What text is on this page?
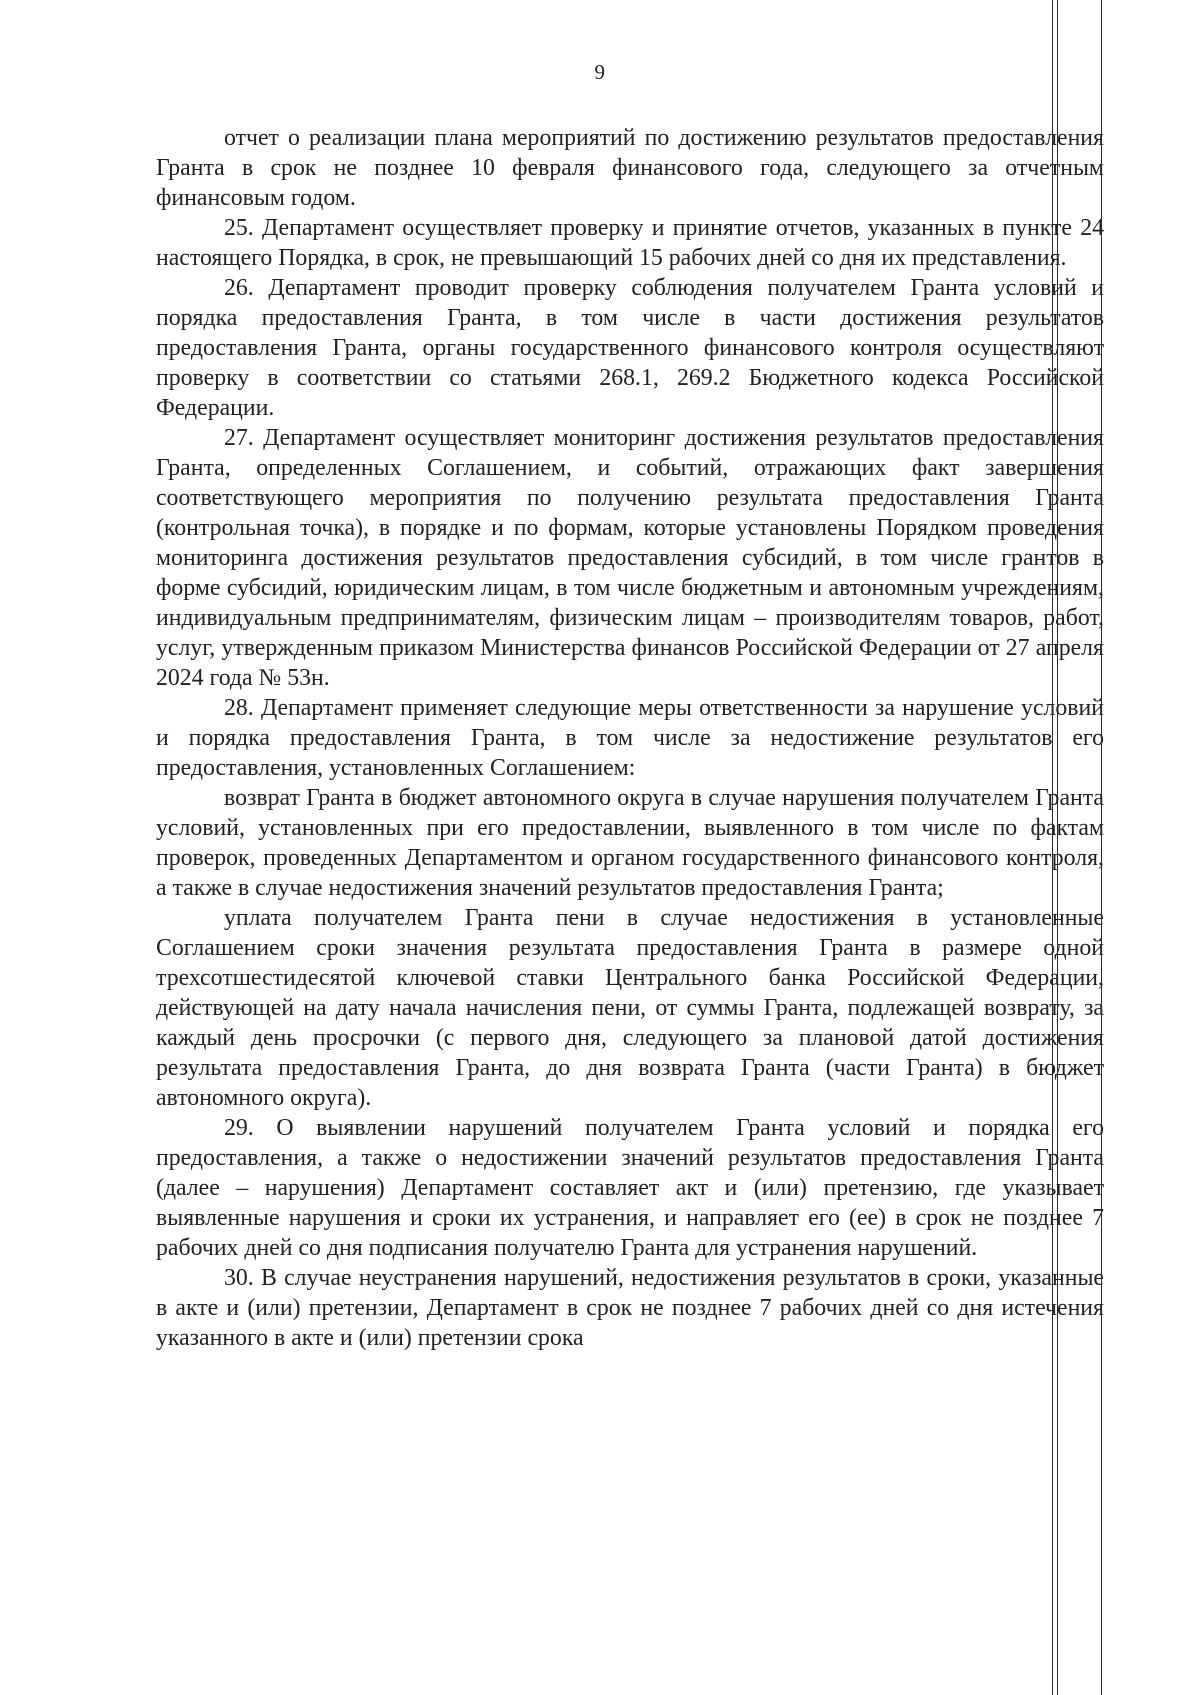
9

отчет о реализации плана мероприятий по достижению результатов предоставления Гранта в срок не позднее 10 февраля финансового года, следующего за отчетным финансовым годом.

25. Департамент осуществляет проверку и принятие отчетов, указанных в пункте 24 настоящего Порядка, в срок, не превышающий 15 рабочих дней со дня их представления.

26. Департамент проводит проверку соблюдения получателем Гранта условий и порядка предоставления Гранта, в том числе в части достижения результатов предоставления Гранта, органы государственного финансового контроля осуществляют проверку в соответствии со статьями 268.1, 269.2 Бюджетного кодекса Российской Федерации.

27. Департамент осуществляет мониторинг достижения результатов предоставления Гранта, определенных Соглашением, и событий, отражающих факт завершения соответствующего мероприятия по получению результата предоставления Гранта (контрольная точка), в порядке и по формам, которые установлены Порядком проведения мониторинга достижения результатов предоставления субсидий, в том числе грантов в форме субсидий, юридическим лицам, в том числе бюджетным и автономным учреждениям, индивидуальным предпринимателям, физическим лицам – производителям товаров, работ, услуг, утвержденным приказом Министерства финансов Российской Федерации от 27 апреля 2024 года № 53н.

28. Департамент применяет следующие меры ответственности за нарушение условий и порядка предоставления Гранта, в том числе за недостижение результатов его предоставления, установленных Соглашением:

возврат Гранта в бюджет автономного округа в случае нарушения получателем Гранта условий, установленных при его предоставлении, выявленного в том числе по фактам проверок, проведенных Департаментом и органом государственного финансового контроля, а также в случае недостижения значений результатов предоставления Гранта;

уплата получателем Гранта пени в случае недостижения в установленные Соглашением сроки значения результата предоставления Гранта в размере одной трехсотшестидесятой ключевой ставки Центрального банка Российской Федерации, действующей на дату начала начисления пени, от суммы Гранта, подлежащей возврату, за каждый день просрочки (с первого дня, следующего за плановой датой достижения результата предоставления Гранта, до дня возврата Гранта (части Гранта) в бюджет автономного округа).

29. О выявлении нарушений получателем Гранта условий и порядка его предоставления, а также о недостижении значений результатов предоставления Гранта (далее – нарушения) Департамент составляет акт и (или) претензию, где указывает выявленные нарушения и сроки их устранения, и направляет его (ее) в срок не позднее 7 рабочих дней со дня подписания получателю Гранта для устранения нарушений.

30. В случае неустранения нарушений, недостижения результатов в сроки, указанные в акте и (или) претензии, Департамент в срок не позднее 7 рабочих дней со дня истечения указанного в акте и (или) претензии срока
